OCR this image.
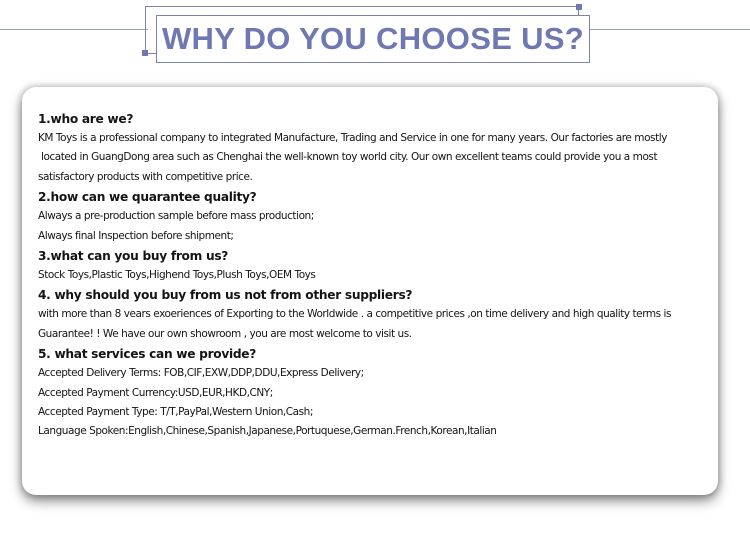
WHY DO YOU CHOOSE US?
1.who are we?
KM Toys is a professional company to integrated Manufacture, Trading and Service in one for many years. Our factories are mostly
located in GuangDong area such as Chenghai the well-known toy world city. Our own excellent teams could provide you a most
satisfactory products with competitive price.
2.how can we quarantee quality?
Always a pre-production sample before mass production;
Always final Inspection before shipment;
3.what can you buy from us?
Stock Toys,Plastic Toys,Highend Toys,Plush Toys,OEM Toys
4. why should you buy from us not from other suppliers?
with more than 8 vears exoeriences of Exporting to the Worldwide . a competitive prices ,on time delivery and high quality terms is
Guarantee! ! We have our own showroom , you are most welcome to visit us.
5. what services can we provide?
Accepted Delivery Terms: FOB,CIF,EXW,DDP,DDU,Express Delivery;
Accepted Payment Currency:USD,EUR,HKD,CNY;
Accepted Payment Type: T/T,PayPal,Western Union,Cash;
Language Spoken:English,Chinese,Spanish,Japanese,Portuquese,German.French,Korean,Italian
